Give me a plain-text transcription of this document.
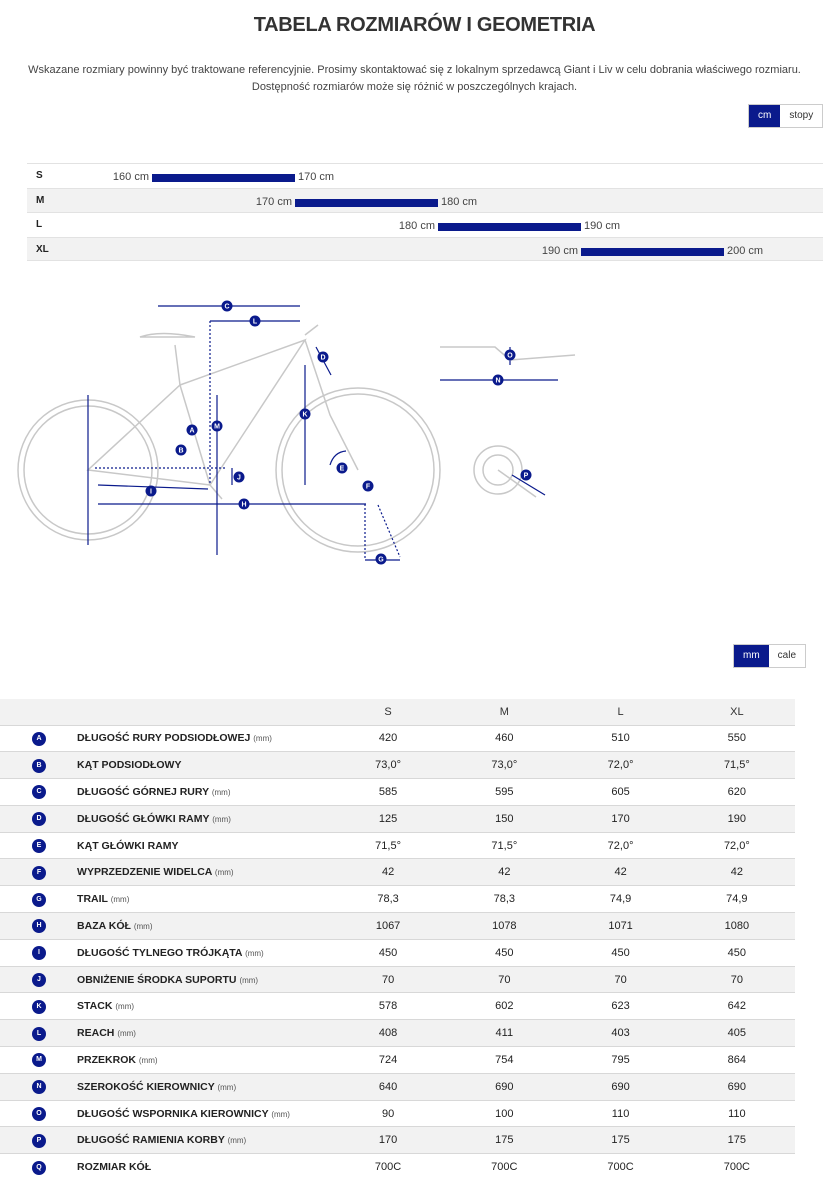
TABELA ROZMIARÓW I GEOMETRIA
Wskazane rozmiary powinny być traktowane referencyjnie. Prosimy skontaktować się z lokalnym sprzedawcą Giant i Liv w celu dobrania właściwego rozmiaru.
Dostępność rozmiarów może się różnić w poszczególnych krajach.
cm	stopy
S	160 cm	170 cm
M	170 cm	180 cm
L	180 cm	190 cm
XL	190 cm	200 cm
A
B
C
D
E
F
G
H
I
J
K
L
M
N
O
P
mm	cale
		S	M	L	XL
A	DŁUGOŚĆ RURY PODSIODŁOWEJ (mm)	420	460	510	550
B	KĄT PODSIODŁOWY	73,0°	73,0°	72,0°	71,5°
C	DŁUGOŚĆ GÓRNEJ RURY (mm)	585	595	605	620
D	DŁUGOŚĆ GŁÓWKI RAMY (mm)	125	150	170	190
E	KĄT GŁÓWKI RAMY	71,5°	71,5°	72,0°	72,0°
F	WYPRZEDZENIE WIDELCA (mm)	42	42	42	42
G	TRAIL (mm)	78,3	78,3	74,9	74,9
H	BAZA KÓŁ (mm)	1067	1078	1071	1080
I	DŁUGOŚĆ TYLNEGO TRÓJKĄTA (mm)	450	450	450	450
J	OBNIŻENIE ŚRODKA SUPORTU (mm)	70	70	70	70
K	STACK (mm)	578	602	623	642
L	REACH (mm)	408	411	403	405
M	PRZEKROK (mm)	724	754	795	864
N	SZEROKOŚĆ KIEROWNICY (mm)	640	690	690	690
O	DŁUGOŚĆ WSPORNIKA KIEROWNICY (mm)	90	100	110	110
P	DŁUGOŚĆ RAMIENIA KORBY (mm)	170	175	175	175
Q	ROZMIAR KÓŁ	700C	700C	700C	700C
